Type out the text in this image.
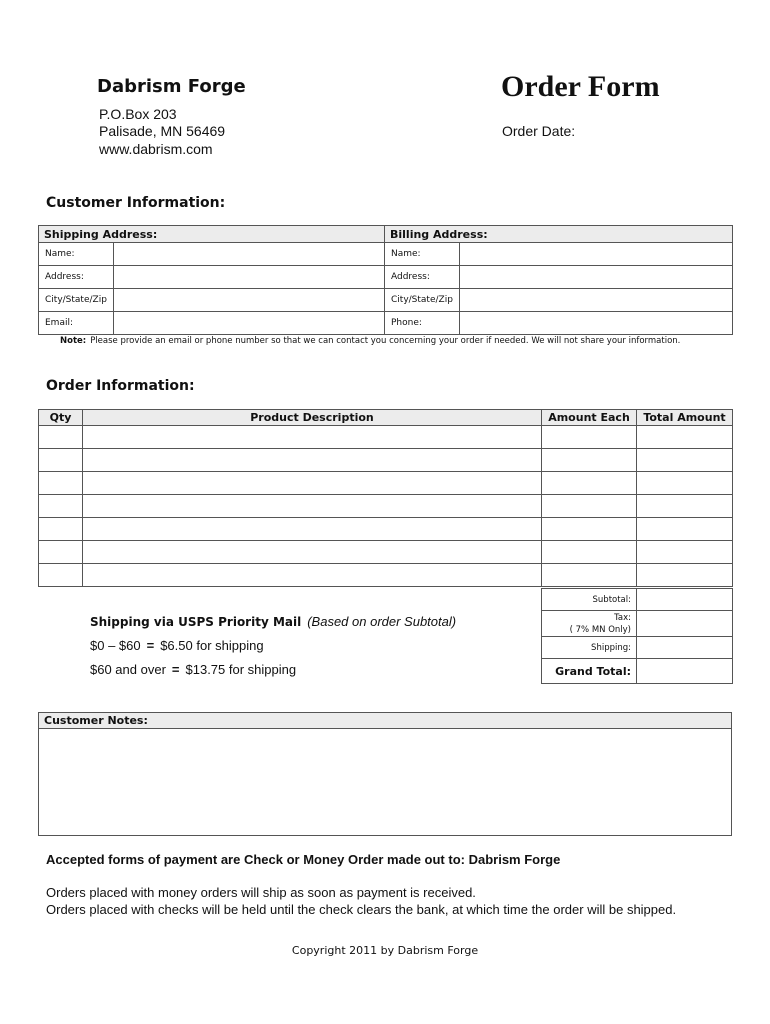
Dabrism Forge
P.O.Box 203
Palisade, MN 56469
www.dabrism.com
Order Form
Order Date:
Customer Information:
Shipping Address:		Billing Address:	
Name:		Name:	
Address:		Address:	
City/State/Zip		City/State/Zip	
Email:		Phone:	
Note: Please provide an email or phone number so that we can contact you concerning your order if needed. We will not share your information.
Order Information:
Qty	Product Description	Amount Each	Total Amount

Subtotal:	

Tax:
( 7% MN Only)	

Shipping:	
Grand Total:	
Shipping via USPS Priority Mail (Based on order Subtotal)
$0 – $60 = $6.50 for shipping
$60 and over = $13.75 for shipping
Customer Notes:
Accepted forms of payment are Check or Money Order made out to: Dabrism Forge
Orders placed with money orders will ship as soon as payment is received.
Orders placed with checks will be held until the check clears the bank, at which time the order will be shipped.
Copyright 2011 by Dabrism Forge
